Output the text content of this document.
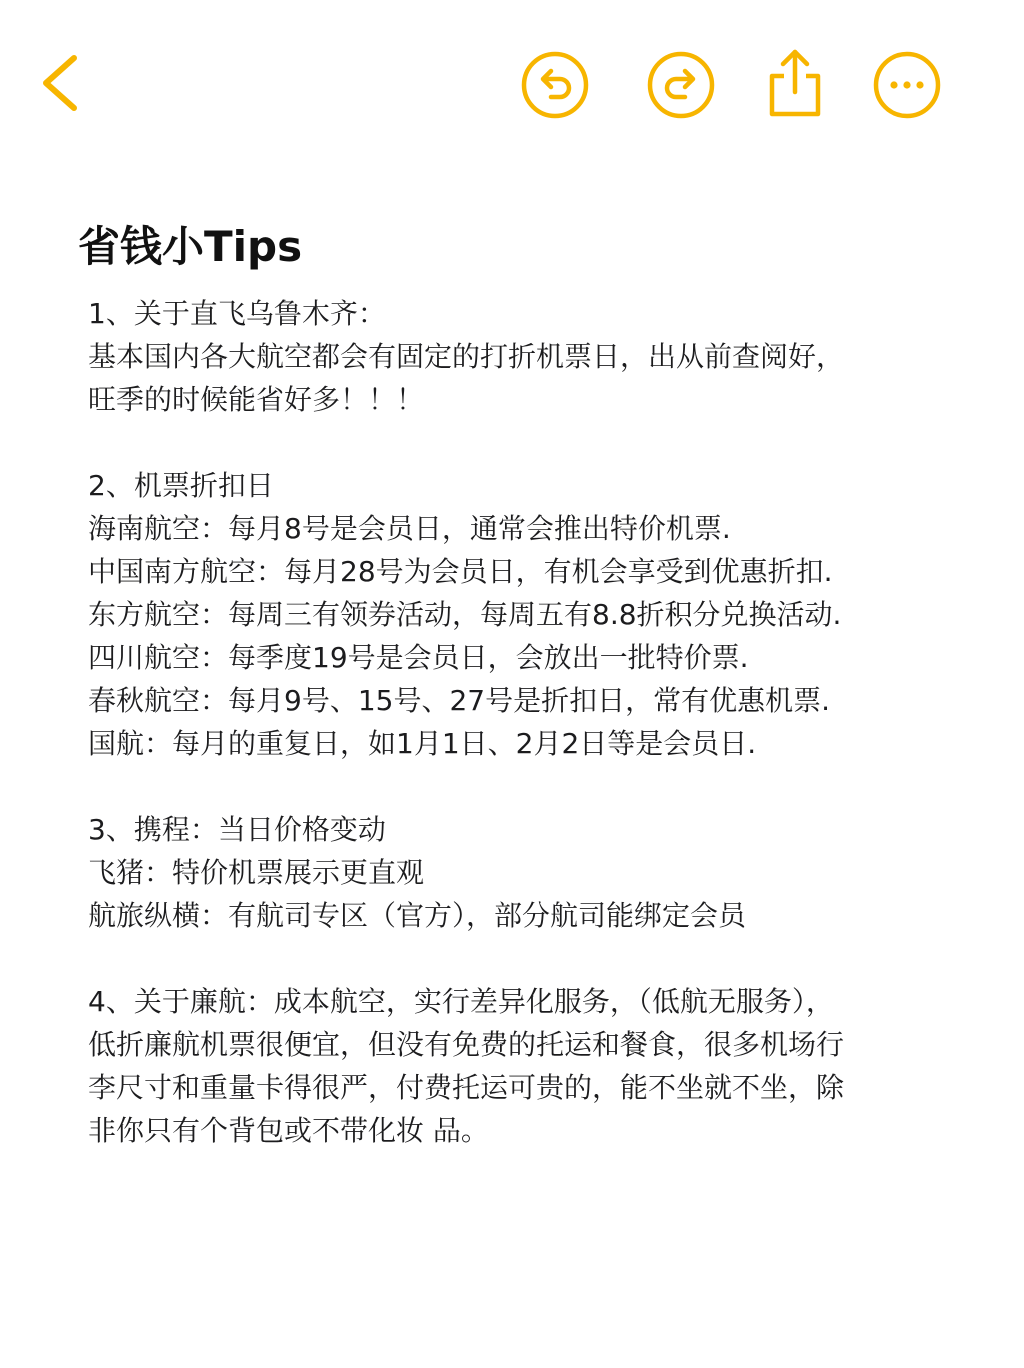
省钱小Tips
1、关于直飞乌鲁木齐：
基本国内各大航空都会有固定的打折机票日，出从前查阅好，
旺季的时候能省好多！！！
2、机票折扣日
海南航空：每月8号是会员日，通常会推出特价机票.
中国南方航空：每月28号为会员日，有机会享受到优惠折扣.
东方航空：每周三有领券活动，每周五有8.8折积分兑换活动.
四川航空：每季度19号是会员日，会放出一批特价票.
春秋航空：每月9号、15号、27号是折扣日，常有优惠机票.
国航：每月的重复日，如1月1日、2月2日等是会员日.
3、携程：当日价格变动
飞猪：特价机票展示更直观
航旅纵横：有航司专区（官方），部分航司能绑定会员
4、关于廉航：成本航空，实行差异化服务，（低航无服务），
低折廉航机票很便宜，但没有免费的托运和餐食，很多机场行
李尺寸和重量卡得很严，付费托运可贵的，能不坐就不坐，除
非你只有个背包或不带化妆 品。
